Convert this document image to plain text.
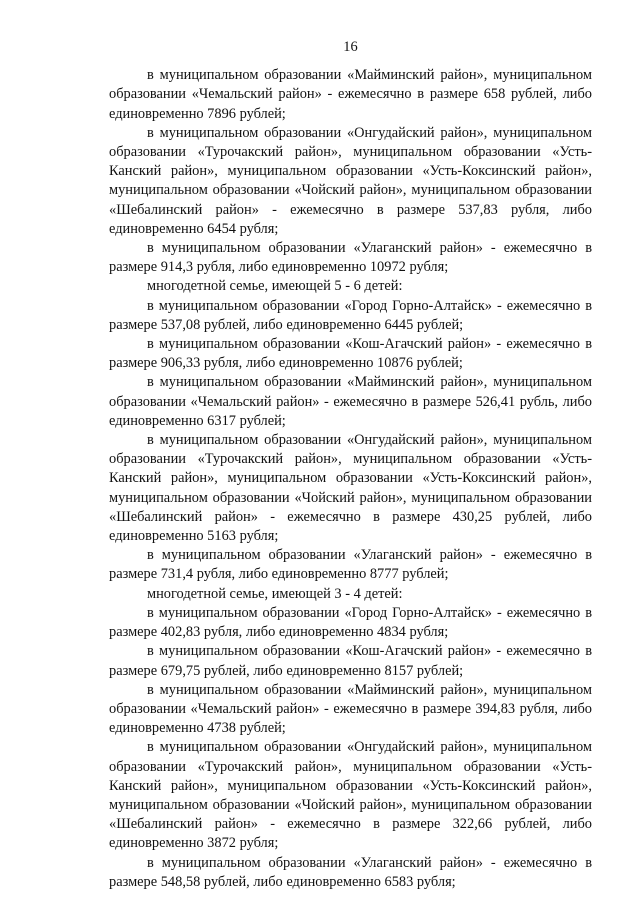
16

в муниципальном образовании «Майминский район», муниципальном образовании «Чемальский район» - ежемесячно в размере 658 рублей, либо единовременно 7896 рублей;

в муниципальном образовании «Онгудайский район», муниципальном образовании «Турочакский район», муниципальном образовании «Усть-Канский район», муниципальном образовании «Усть-Коксинский район», муниципальном образовании «Чойский район», муниципальном образовании «Шебалинский район» - ежемесячно в размере 537,83 рубля, либо единовременно 6454 рубля;

в муниципальном образовании «Улаганский район» - ежемесячно в размере 914,3 рубля, либо единовременно 10972 рубля;

многодетной семье, имеющей 5 - 6 детей:

в муниципальном образовании «Город Горно-Алтайск» - ежемесячно в размере 537,08 рублей, либо единовременно 6445 рублей;

в муниципальном образовании «Кош-Агачский район» - ежемесячно в размере 906,33 рубля, либо единовременно 10876 рублей;

в муниципальном образовании «Майминский район», муниципальном образовании «Чемальский район» - ежемесячно в размере 526,41 рубль, либо единовременно 6317 рублей;

в муниципальном образовании «Онгудайский район», муниципальном образовании «Турочакский район», муниципальном образовании «Усть-Канский район», муниципальном образовании «Усть-Коксинский район», муниципальном образовании «Чойский район», муниципальном образовании «Шебалинский район» - ежемесячно в размере 430,25 рублей, либо единовременно 5163 рубля;

в муниципальном образовании «Улаганский район» - ежемесячно в размере 731,4 рубля, либо единовременно 8777 рублей;

многодетной семье, имеющей 3 - 4 детей:

в муниципальном образовании «Город Горно-Алтайск» - ежемесячно в размере 402,83 рубля, либо единовременно 4834 рубля;

в муниципальном образовании «Кош-Агачский район» - ежемесячно в размере 679,75 рублей, либо единовременно 8157 рублей;

в муниципальном образовании «Майминский район», муниципальном образовании «Чемальский район» - ежемесячно в размере 394,83 рубля, либо единовременно 4738 рублей;

в муниципальном образовании «Онгудайский район», муниципальном образовании «Турочакский район», муниципальном образовании «Усть-Канский район», муниципальном образовании «Усть-Коксинский район», муниципальном образовании «Чойский район», муниципальном образовании «Шебалинский район» - ежемесячно в размере 322,66 рублей, либо единовременно 3872 рубля;

в муниципальном образовании «Улаганский район» - ежемесячно в размере 548,58 рублей, либо единовременно 6583 рубля;
